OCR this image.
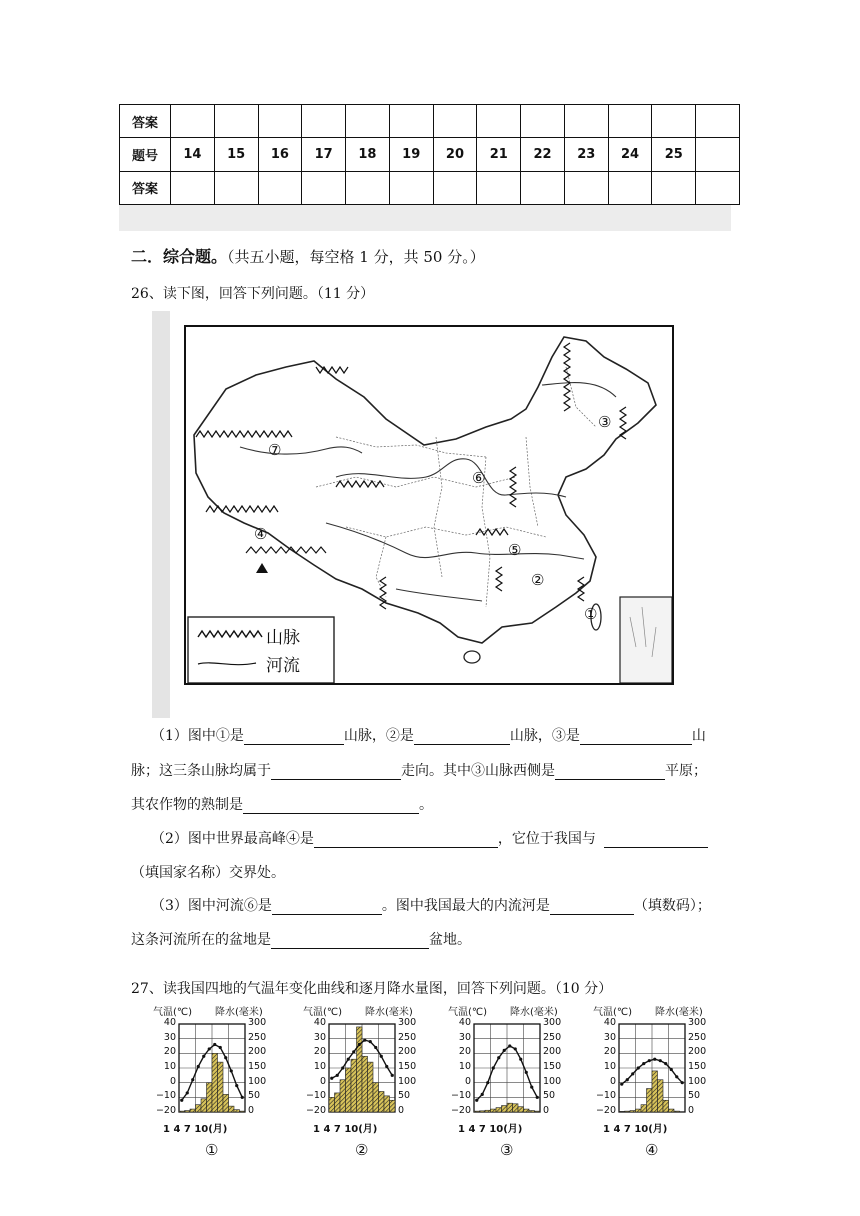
答案													
题号	14	15	16	17	18	19	20	21	22	23	24	25	
答案													
二．综合题。（共五小题，每空格 1 分，共 50 分。）
26、读下图，回答下列问题。（11 分）
⑦
④
⑥
⑤
②
①
③
山脉
河流
（1）图中①是	山脉，②是	山脉，③是	山
脉；这三条山脉均属于	走向。其中③山脉西侧是	平原；
其农作物的熟制是	。
（2）图中世界最高峰④是	，它位于我国与
（填国家名称）交界处。
（3）图中河流⑥是	。图中我国最大的内流河是	（填数码）；
这条河流所在的盆地是	盆地。
27、读我国四地的气温年变化曲线和逐月降水量图，回答下列问题。（10 分）
气温(℃) 降水(毫米)
40
30
20
10
0
−10
−20
300
250
200
150
100
50
0
1 4 7 10(月)
①
气温(℃) 降水(毫米)
40
30
20
10
0
−10
−20
300
250
200
150
100
50
0
1 4 7 10(月)
②
气温(℃) 降水(毫米)
40
30
20
10
0
−10
−20
300
250
200
150
100
50
0
1 4 7 10(月)
③
气温(℃) 降水(毫米)
40
30
20
10
0
−10
−20
300
250
200
150
100
50
0
1 4 7 10(月)
④
